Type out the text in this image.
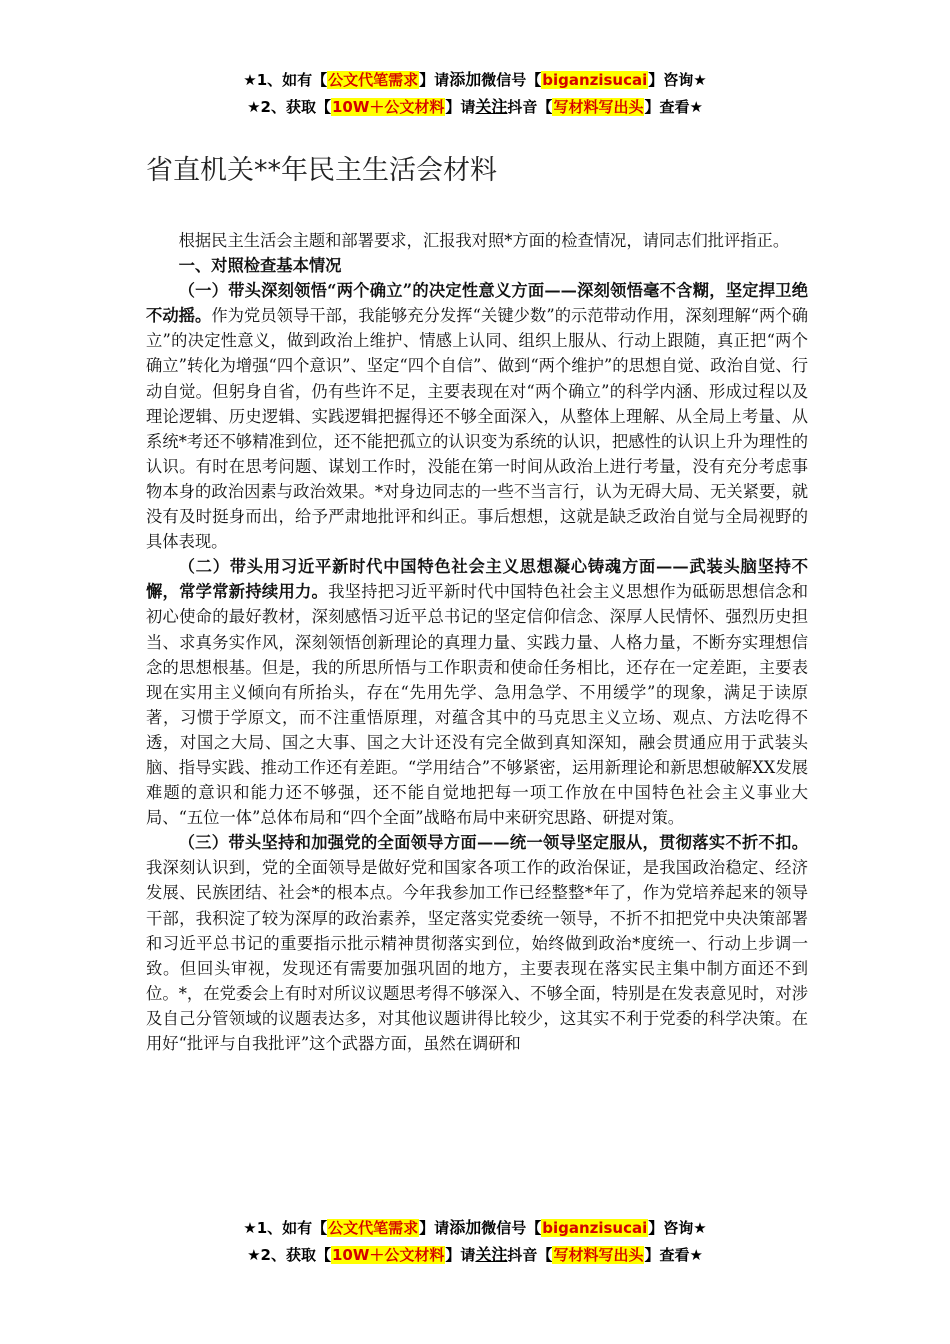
★1、如有【公文代笔需求】请添加微信号【biganzisucai】咨询★
★2、获取【10W＋公文材料】请关注抖音【写材料写出头】查看★
省直机关**年民主生活会材料

根据民主生活会主题和部署要求，汇报我对照*方面的检查情况，请同志们批评指正。

一、对照检查基本情况

（一）带头深刻领悟“两个确立”的决定性意义方面——深刻领悟毫不含糊，坚定捍卫绝不动摇。作为党员领导干部，我能够充分发挥“关键少数”的示范带动作用，深刻理解“两个确立”的决定性意义，做到政治上维护、情感上认同、组织上服从、行动上跟随，真正把“两个确立”转化为增强“四个意识”、坚定“四个自信”、做到“两个维护”的思想自觉、政治自觉、行动自觉。但躬身自省，仍有些许不足，主要表现在对“两个确立”的科学内涵、形成过程以及理论逻辑、历史逻辑、实践逻辑把握得还不够全面深入，从整体上理解、从全局上考量、从系统*考还不够精准到位，还不能把孤立的认识变为系统的认识，把感性的认识上升为理性的认识。有时在思考问题、谋划工作时，没能在第一时间从政治上进行考量，没有充分考虑事物本身的政治因素与政治效果。*对身边同志的一些不当言行，认为无碍大局、无关紧要，就没有及时挺身而出，给予严肃地批评和纠正。事后想想，这就是缺乏政治自觉与全局视野的具体表现。

（二）带头用习近平新时代中国特色社会主义思想凝心铸魂方面——武装头脑坚持不懈，常学常新持续用力。我坚持把习近平新时代中国特色社会主义思想作为砥砺思想信念和初心使命的最好教材，深刻感悟习近平总书记的坚定信仰信念、深厚人民情怀、强烈历史担当、求真务实作风，深刻领悟创新理论的真理力量、实践力量、人格力量，不断夯实理想信念的思想根基。但是，我的所思所悟与工作职责和使命任务相比，还存在一定差距，主要表现在实用主义倾向有所抬头，存在“先用先学、急用急学、不用缓学”的现象，满足于读原著，习惯于学原文，而不注重悟原理，对蕴含其中的马克思主义立场、观点、方法吃得不透，对国之大局、国之大事、国之大计还没有完全做到真知深知，融会贯通应用于武装头脑、指导实践、推动工作还有差距。“学用结合”不够紧密，运用新理论和新思想破解XX发展难题的意识和能力还不够强，还不能自觉地把每一项工作放在中国特色社会主义事业大局、“五位一体”总体布局和“四个全面”战略布局中来研究思路、研提对策。

（三）带头坚持和加强党的全面领导方面——统一领导坚定服从，贯彻落实不折不扣。我深刻认识到，党的全面领导是做好党和国家各项工作的政治保证，是我国政治稳定、经济发展、民族团结、社会*的根本点。今年我参加工作已经整整*年了，作为党培养起来的领导干部，我积淀了较为深厚的政治素养，坚定落实党委统一领导，不折不扣把党中央决策部署和习近平总书记的重要指示批示精神贯彻落实到位，始终做到政治*度统一、行动上步调一致。但回头审视，发现还有需要加强巩固的地方，主要表现在落实民主集中制方面还不到位。*，在党委会上有时对所议议题思考得不够深入、不够全面，特别是在发表意见时，对涉及自己分管领域的议题表达多，对其他议题讲得比较少，这其实不利于党委的科学决策。在用好“批评与自我批评”这个武器方面，虽然在调研和

★1、如有【公文代笔需求】请添加微信号【biganzisucai】咨询★
★2、获取【10W＋公文材料】请关注抖音【写材料写出头】查看★
